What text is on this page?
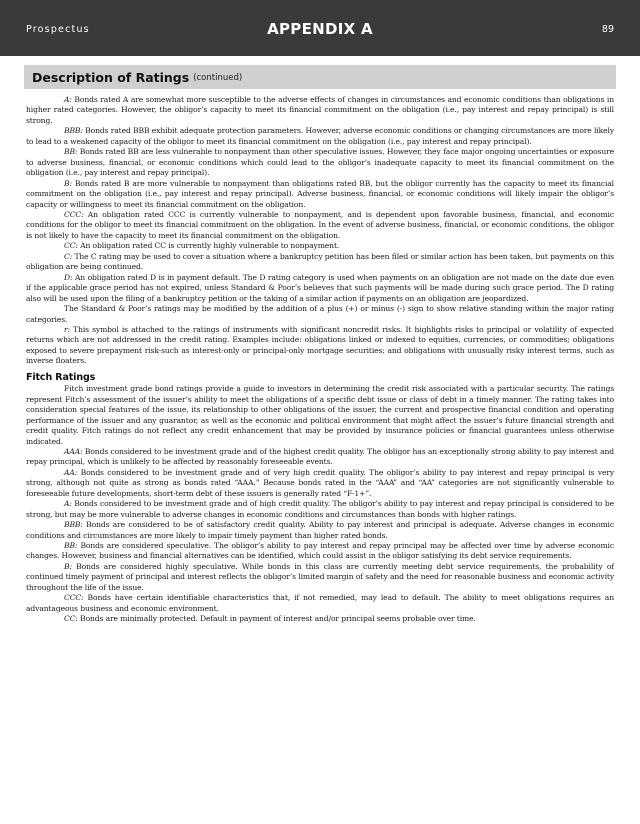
Prospectus	APPENDIX A	89
Description of Ratings (continued)

A: Bonds rated A are somewhat more susceptible to the adverse effects of changes in circumstances and economic conditions than obligations in higher rated categories. However, the obligor’s capacity to meet its financial commitment on the obligation (i.e., pay interest and repay principal) is still strong.

BBB: Bonds rated BBB exhibit adequate protection parameters. However, adverse economic conditions or changing circumstances are more likely to lead to a weakened capacity of the obligor to meet its financial commitment on the obligation (i.e., pay interest and repay principal).

BB: Bonds rated BB are less vulnerable to nonpayment than other speculative issues. However, they face major ongoing uncertainties or exposure to adverse business, financial, or economic conditions which could lead to the obligor’s inadequate capacity to meet its financial commitment on the obligation (i.e., pay interest and repay principal).

B: Bonds rated B are more vulnerable to nonpayment than obligations rated BB, but the obligor currently has the capacity to meet its financial commitment on the obligation (i.e., pay interest and repay principal). Adverse business, financial, or economic conditions will likely impair the obligor’s capacity or willingness to meet its financial commitment on the obligation.

CCC: An obligation rated CCC is currently vulnerable to nonpayment, and is dependent upon favorable business, financial, and economic conditions for the obligor to meet its financial commitment on the obligation. In the event of adverse business, financial, or economic conditions, the obligor is not likely to have the capacity to meet its financial commitment on the obligation.

CC: An obligation rated CC is currently highly vulnerable to nonpayment.

C: The C rating may be used to cover a situation where a bankruptcy petition has been filed or similar action has been taken, but payments on this obligation are being continued.

D: An obligation rated D is in payment default. The D rating category is used when payments on an obligation are not made on the date due even if the applicable grace period has not expired, unless Standard & Poor’s believes that such payments will be made during such grace period. The D rating also will be used upon the filing of a bankruptcy petition or the taking of a similar action if payments on an obligation are jeopardized.

The Standard & Poor’s ratings may be modified by the addition of a plus (+) or minus (-) sign to show relative standing within the major rating categories.

r: This symbol is attached to the ratings of instruments with significant noncredit risks. It highlights risks to principal or volatility of expected returns which are not addressed in the credit rating. Examples include: obligations linked or indexed to equities, currencies, or commodities; obligations exposed to severe prepayment risk-such as interest-only or principal-only mortgage securities; and obligations with unusually risky interest terms, such as inverse floaters.

Fitch Ratings

Fitch investment grade bond ratings provide a guide to investors in determining the credit risk associated with a particular security. The ratings represent Fitch’s assessment of the issuer’s ability to meet the obligations of a specific debt issue or class of debt in a timely manner. The rating takes into consideration special features of the issue, its relationship to other obligations of the issuer, the current and prospective financial condition and operating performance of the issuer and any guarantor, as well as the economic and political environment that might affect the issuer’s future financial strength and credit quality. Fitch ratings do not reflect any credit enhancement that may be provided by insurance policies or financial guarantees unless otherwise indicated.

AAA: Bonds considered to be investment grade and of the highest credit quality. The obligor has an exceptionally strong ability to pay interest and repay principal, which is unlikely to be affected by reasonably foreseeable events.

AA: Bonds considered to be investment grade and of very high credit quality. The obligor’s ability to pay interest and repay principal is very strong, although not quite as strong as bonds rated “AAA.” Because bonds rated in the “AAA” and “AA” categories are not significantly vulnerable to foreseeable future developments, short-term debt of these issuers is generally rated “F-1+”.

A: Bonds considered to be investment grade and of high credit quality. The obligor’s ability to pay interest and repay principal is considered to be strong, but may be more vulnerable to adverse changes in economic conditions and circumstances than bonds with higher ratings.

BBB: Bonds are considered to be of satisfactory credit quality. Ability to pay interest and principal is adequate. Adverse changes in economic conditions and circumstances are more likely to impair timely payment than higher rated bonds.

BB: Bonds are considered speculative. The obligor’s ability to pay interest and repay principal may be affected over time by adverse economic changes. However, business and financial alternatives can be identified, which could assist in the obligor satisfying its debt service requirements.

B: Bonds are considered highly speculative. While bonds in this class are currently meeting debt service requirements, the probability of continued timely payment of principal and interest reflects the obligor’s limited margin of safety and the need for reasonable business and economic activity throughout the life of the issue.

CCC: Bonds have certain identifiable characteristics that, if not remedied, may lead to default. The ability to meet obligations requires an advantageous business and economic environment.

CC: Bonds are minimally protected. Default in payment of interest and/or principal seems probable over time.
